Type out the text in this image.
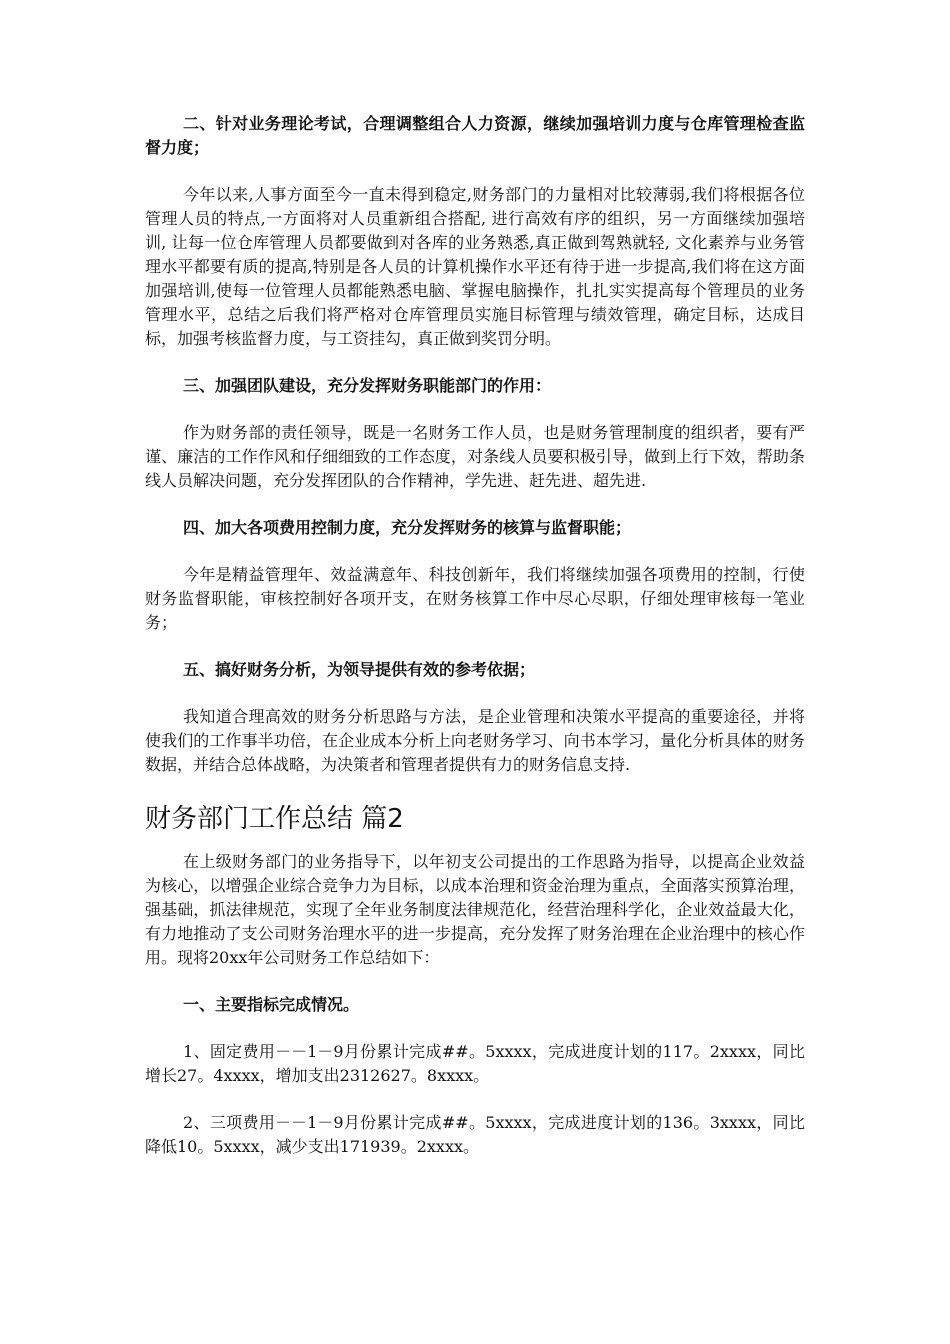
二、针对业务理论考试，合理调整组合人力资源，继续加强培训力度与仓库管理检查监督力度；

今年以来,人事方面至今一直未得到稳定,财务部门的力量相对比较薄弱,我们将根据各位管理人员的特点,一方面将对人员重新组合搭配, 进行高效有序的组织，另一方面继续加强培训, 让每一位仓库管理人员都要做到对各库的业务熟悉,真正做到驾熟就轻, 文化素养与业务管理水平都要有质的提高,特别是各人员的计算机操作水平还有待于进一步提高,我们将在这方面加强培训,使每一位管理人员都能熟悉电脑、掌握电脑操作，扎扎实实提高每个管理员的业务管理水平，总结之后我们将严格对仓库管理员实施目标管理与绩效管理，确定目标，达成目标，加强考核监督力度，与工资挂勾，真正做到奖罚分明。

三、加强团队建设，充分发挥财务职能部门的作用：

作为财务部的责任领导，既是一名财务工作人员，也是财务管理制度的组织者，要有严谨、廉洁的工作作风和仔细细致的工作态度，对条线人员要积极引导，做到上行下效，帮助条线人员解决问题，充分发挥团队的合作精神，学先进、赶先进、超先进.

四、加大各项费用控制力度，充分发挥财务的核算与监督职能；

今年是精益管理年、效益满意年、科技创新年，我们将继续加强各项费用的控制，行使财务监督职能，审核控制好各项开支，在财务核算工作中尽心尽职，仔细处理审核每一笔业务；

五、搞好财务分析，为领导提供有效的参考依据；

我知道合理高效的财务分析思路与方法，是企业管理和决策水平提高的重要途径，并将使我们的工作事半功倍，在企业成本分析上向老财务学习、向书本学习，量化分析具体的财务数据，并结合总体战略，为决策者和管理者提供有力的财务信息支持.

财务部门工作总结 篇2

在上级财务部门的业务指导下，以年初支公司提出的工作思路为指导，以提高企业效益为核心，以增强企业综合竞争力为目标，以成本治理和资金治理为重点，全面落实预算治理，强基础，抓法律规范，实现了全年业务制度法律规范化，经营治理科学化，企业效益最大化，有力地推动了支公司财务治理水平的进一步提高，充分发挥了财务治理在企业治理中的核心作用。现将20xx年公司财务工作总结如下：

一、主要指标完成情况。

1、固定费用－－1－9月份累计完成##。5xxxx，完成进度计划的117。2xxxx，同比增长27。4xxxx，增加支出2312627。8xxxx。

2、三项费用－－1－9月份累计完成##。5xxxx，完成进度计划的136。3xxxx，同比降低10。5xxxx，减少支出171939。2xxxx。
